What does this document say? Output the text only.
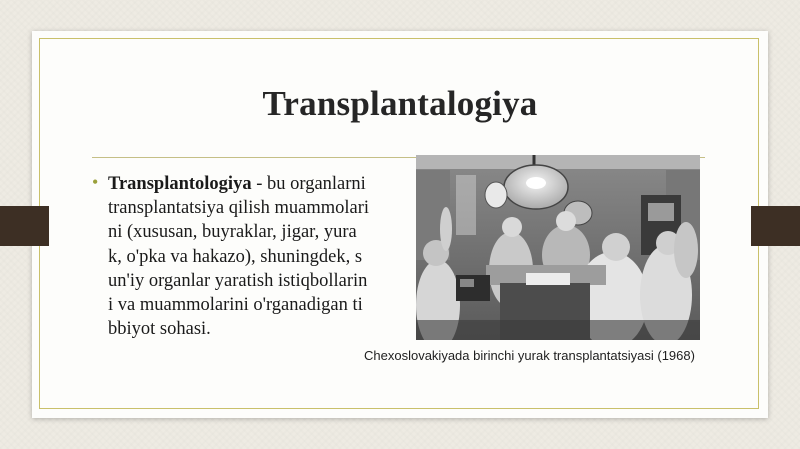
Transplantalogiya
• Transplantologiya - bu organlarni transplantatsiya qilish muammolarini (xususan, buyraklar, jigar, yurak, o'pka va hakazo), shuningdek, sun'iy organlar yaratish istiqbollarini va muammolarini o'rganadigan tibbiyot sohasi.
Chexoslovakiyada birinchi yurak transplantatsiyasi (1968)
